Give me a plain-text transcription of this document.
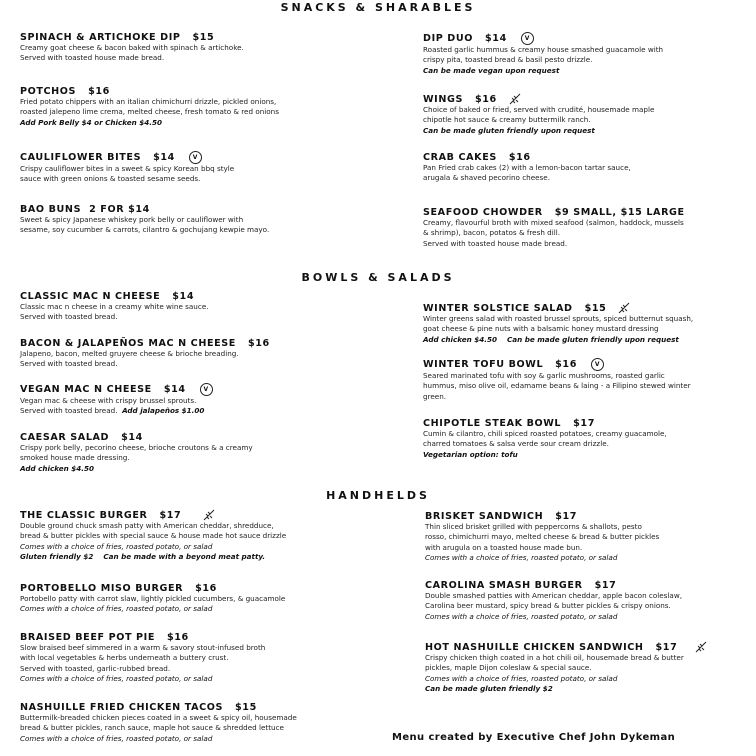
SNACKS & SHARABLES
BOWLS & SALADS
HANDHELDS
SPINACH & ARTICHOKE DIP $15
Creamy goat cheese & bacon baked with spinach & artichoke.
Served with toasted house made bread.
POTCHOS $16
Fried potato chippers with an italian chimichurri drizzle, pickled onions,
roasted jalepeno lime crema, melted cheese, fresh tomato & red onions
Add Pork Belly $4 or Chicken $4.50
CAULIFLOWER BITES $14	V
Crispy cauliflower bites in a sweet & spicy Korean bbq style
sauce with green onions & toasted sesame seeds.
BAO BUNS 2 FOR $14
Sweet & spicy Japanese whiskey pork belly or cauliflower with
sesame, soy cucumber & carrots, cilantro & gochujang kewpie mayo.
DIP DUO $14	V
Roasted garlic hummus & creamy house smashed guacamole with
crispy pita, toasted bread & basil pesto drizzle.
Can be made vegan upon request
WINGS $16
Choice of baked or fried, served with crudité, housemade maple
chipotle hot sauce & creamy buttermilk ranch.
Can be made gluten friendly upon request
CRAB CAKES $16
Pan Fried crab cakes (2) with a lemon-bacon tartar sauce,
arugala & shaved pecorino cheese.
SEAFOOD CHOWDER $9 SMALL, $15 LARGE
Creamy, flavourful broth with mixed seafood (salmon, haddock, mussels
& shrimp), bacon, potatos & fresh dill.
Served with toasted house made bread.
CLASSIC MAC N CHEESE $14
Classic mac n cheese in a creamy white wine sauce.
Served with toasted bread.
BACON & JALAPEÑOS MAC N CHEESE $16
Jalapeno, bacon, melted gruyere cheese & brioche breading.
Served with toasted bread.
VEGAN MAC N CHEESE $14	V
Vegan mac & cheese with crispy brussel sprouts.
Served with toasted bread. Add jalapeños $1.00
CAESAR SALAD $14
Crispy pork belly, pecorino cheese, brioche croutons & a creamy
smoked house made dressing.
Add chicken $4.50
WINTER SOLSTICE SALAD $15
Winter greens salad with roasted brussel sprouts, spiced butternut squash,
goat cheese & pine nuts with a balsamic honey mustard dressing
Add chicken $4.50    Can be made gluten friendly upon request
WINTER TOFU BOWL $16	V
Seared marinated tofu with soy & garlic mushrooms, roasted garlic
hummus, miso olive oil, edamame beans & laing - a Filipino stewed winter
green.
CHIPOTLE STEAK BOWL $17
Cumin & cilantro, chili spiced roasted potatoes, creamy guacamole,
charred tomatoes & salsa verde sour cream drizzle.
Vegetarian option: tofu
THE CLASSIC BURGER $17
Double ground chuck smash patty with American cheddar, shredduce,
bread & butter pickles with special sauce & house made hot sauce drizzle
Comes with a choice of fries, roasted potato, or salad
Gluten friendly $2    Can be made with a beyond meat patty.
PORTOBELLO MISO BURGER $16
Portobello patty with carrot slaw, lightly pickled cucumbers, & guacamole
Comes with a choice of fries, roasted potato, or salad
BRAISED BEEF POT PIE $16
Slow braised beef simmered in a warm & savory stout-infused broth
with local vegetables & herbs underneath a buttery crust.
Served with toasted, garlic-rubbed bread.
Comes with a choice of fries, roasted potato, or salad
NASHUILLE FRIED CHICKEN TACOS $15
Buttermilk-breaded chicken pieces coated in a sweet & spicy oil, housemade
bread & butter pickles, ranch sauce, maple hot sauce & shredded lettuce
Comes with a choice of fries, roasted potato, or salad
BRISKET SANDWICH $17
Thin sliced brisket grilled with peppercorns & shallots, pesto
rosso, chimichurri mayo, melted cheese & bread & butter pickles
with arugula on a toasted house made bun.
Comes with a choice of fries, roasted potato, or salad
CAROLINA SMASH BURGER $17
Double smashed patties with American cheddar, apple bacon coleslaw,
Carolina beer mustard, spicy bread & butter pickles & crispy onions.
Comes with a choice of fries, roasted potato, or salad
HOT NASHUILLE CHICKEN SANDWICH $17
Crispy chicken thigh coated in a hot chili oil, housemade bread & butter
pickles, maple Dijon coleslaw & special sauce.
Comes with a choice of fries, roasted potato, or salad
Can be made gluten friendly $2
Menu created by Executive Chef John Dykeman
